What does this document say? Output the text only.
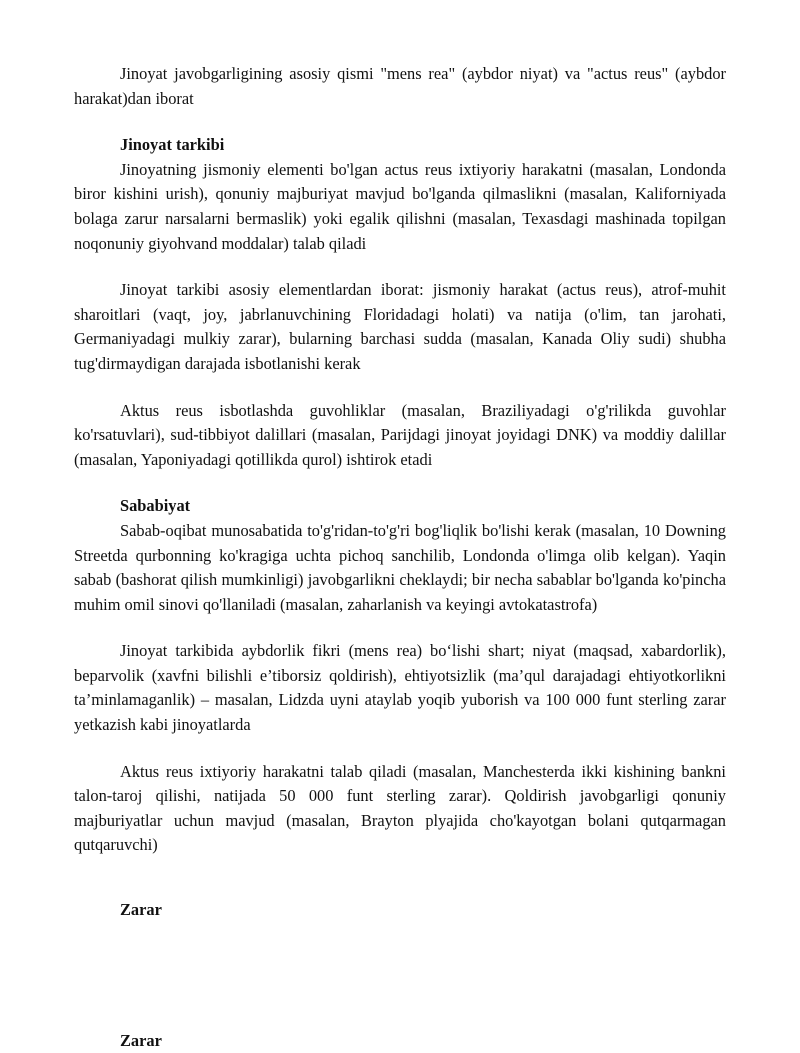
Jinoyat javobgarligining asosiy qismi "mens rea" (aybdor niyat) va "actus reus" (aybdor harakat)dan iborat

Jinoyat tarkibi

Jinoyatning jismoniy elementi bo'lgan actus reus ixtiyoriy harakatni (masalan, Londonda biror kishini urish), qonuniy majburiyat mavjud bo'lganda qilmaslikni (masalan, Kaliforniyada bolaga zarur narsalarni bermaslik) yoki egalik qilishni (masalan, Texasdagi mashinada topilgan noqonuniy giyohvand moddalar) talab qiladi

Jinoyat tarkibi asosiy elementlardan iborat: jismoniy harakat (actus reus), atrof-muhit sharoitlari (vaqt, joy, jabrlanuvchining Floridadagi holati) va natija (o'lim, tan jarohati, Germaniyadagi mulkiy zarar), bularning barchasi sudda (masalan, Kanada Oliy sudi) shubha tug'dirmaydigan darajada isbotlanishi kerak

Aktus reus isbotlashda guvohliklar (masalan, Braziliyadagi o'g'rilikda guvohlar ko'rsatuvlari), sud-tibbiyot dalillari (masalan, Parijdagi jinoyat joyidagi DNK) va moddiy dalillar (masalan, Yaponiyadagi qotillikda qurol) ishtirok etadi

Sababiyat

Sabab-oqibat munosabatida to'g'ridan-to'g'ri bog'liqlik bo'lishi kerak (masalan, 10 Downing Streetda qurbonning ko'kragiga uchta pichoq sanchilib, Londonda o'limga olib kelgan). Yaqin sabab (bashorat qilish mumkinligi) javobgarlikni cheklaydi; bir necha sabablar bo'lganda ko'pincha muhim omil sinovi qo'llaniladi (masalan, zaharlanish va keyingi avtokatastrofa)

Jinoyat tarkibida aybdorlik fikri (mens rea) bo‘lishi shart; niyat (maqsad, xabardorlik), beparvolik (xavfni bilishli e’tiborsiz qoldirish), ehtiyotsizlik (ma’qul darajadagi ehtiyotkorlikni ta’minlamaganlik) – masalan, Lidzda uyni ataylab yoqib yuborish va 100 000 funt sterling zarar yetkazish kabi jinoyatlarda

Aktus reus ixtiyoriy harakatni talab qiladi (masalan, Manchesterda ikki kishining bankni talon-taroj qilishi, natijada 50 000 funt sterling zarar). Qoldirish javobgarligi qonuniy majburiyatlar uchun mavjud (masalan, Brayton plyajida cho'kayotgan bolani qutqarmagan qutqaruvchi)

Zarar

Zarar
